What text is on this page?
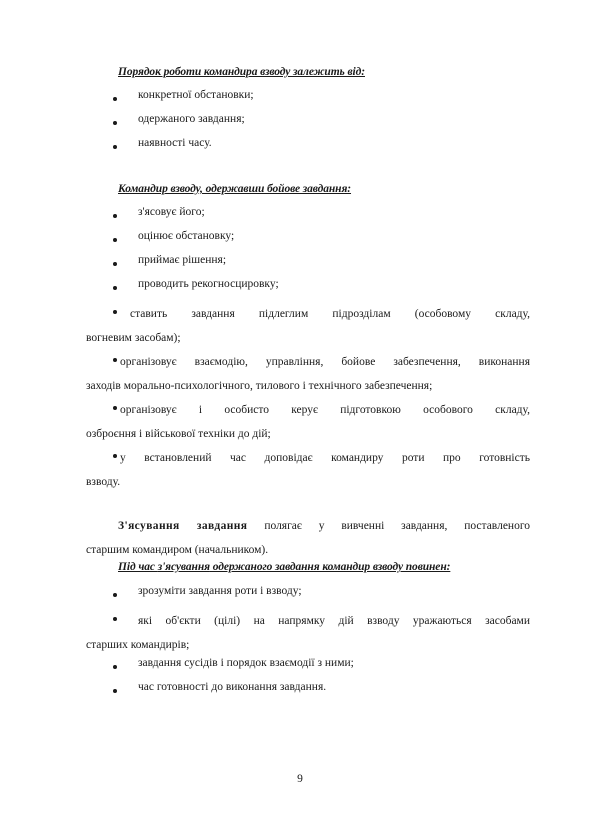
Порядок роботи командира взводу залежить від:
конкретної обстановки;
одержаного завдання;
наявності часу.
Командир взводу, одержавши бойове завдання:
з'ясовує його;
оцінює обстановку;
приймає рішення;
проводить рекогносцировку;
ставить завдання підлеглим підрозділам (особовому складу,
вогневим засобам);
організовує взаємодію, управління, бойове забезпечення, виконання
заходів морально-психологічного, тилового і технічного забезпечення;
організовує і особисто керує підготовкою особового складу,
озброєння і військової техніки до дій;
у встановлений час доповідає командиру роти про готовність
взводу.
З'ясування завдання полягає у вивченні завдання, поставленого
старшим командиром (начальником).
Під час з'ясування одержаного завдання командир взводу повинен:
зрозуміти завдання роти і взводу;
які об'єкти (цілі) на напрямку дій взводу уражаються засобами
старших командирів;
завдання сусідів і порядок взаємодії з ними;
час готовності до виконання завдання.
9
